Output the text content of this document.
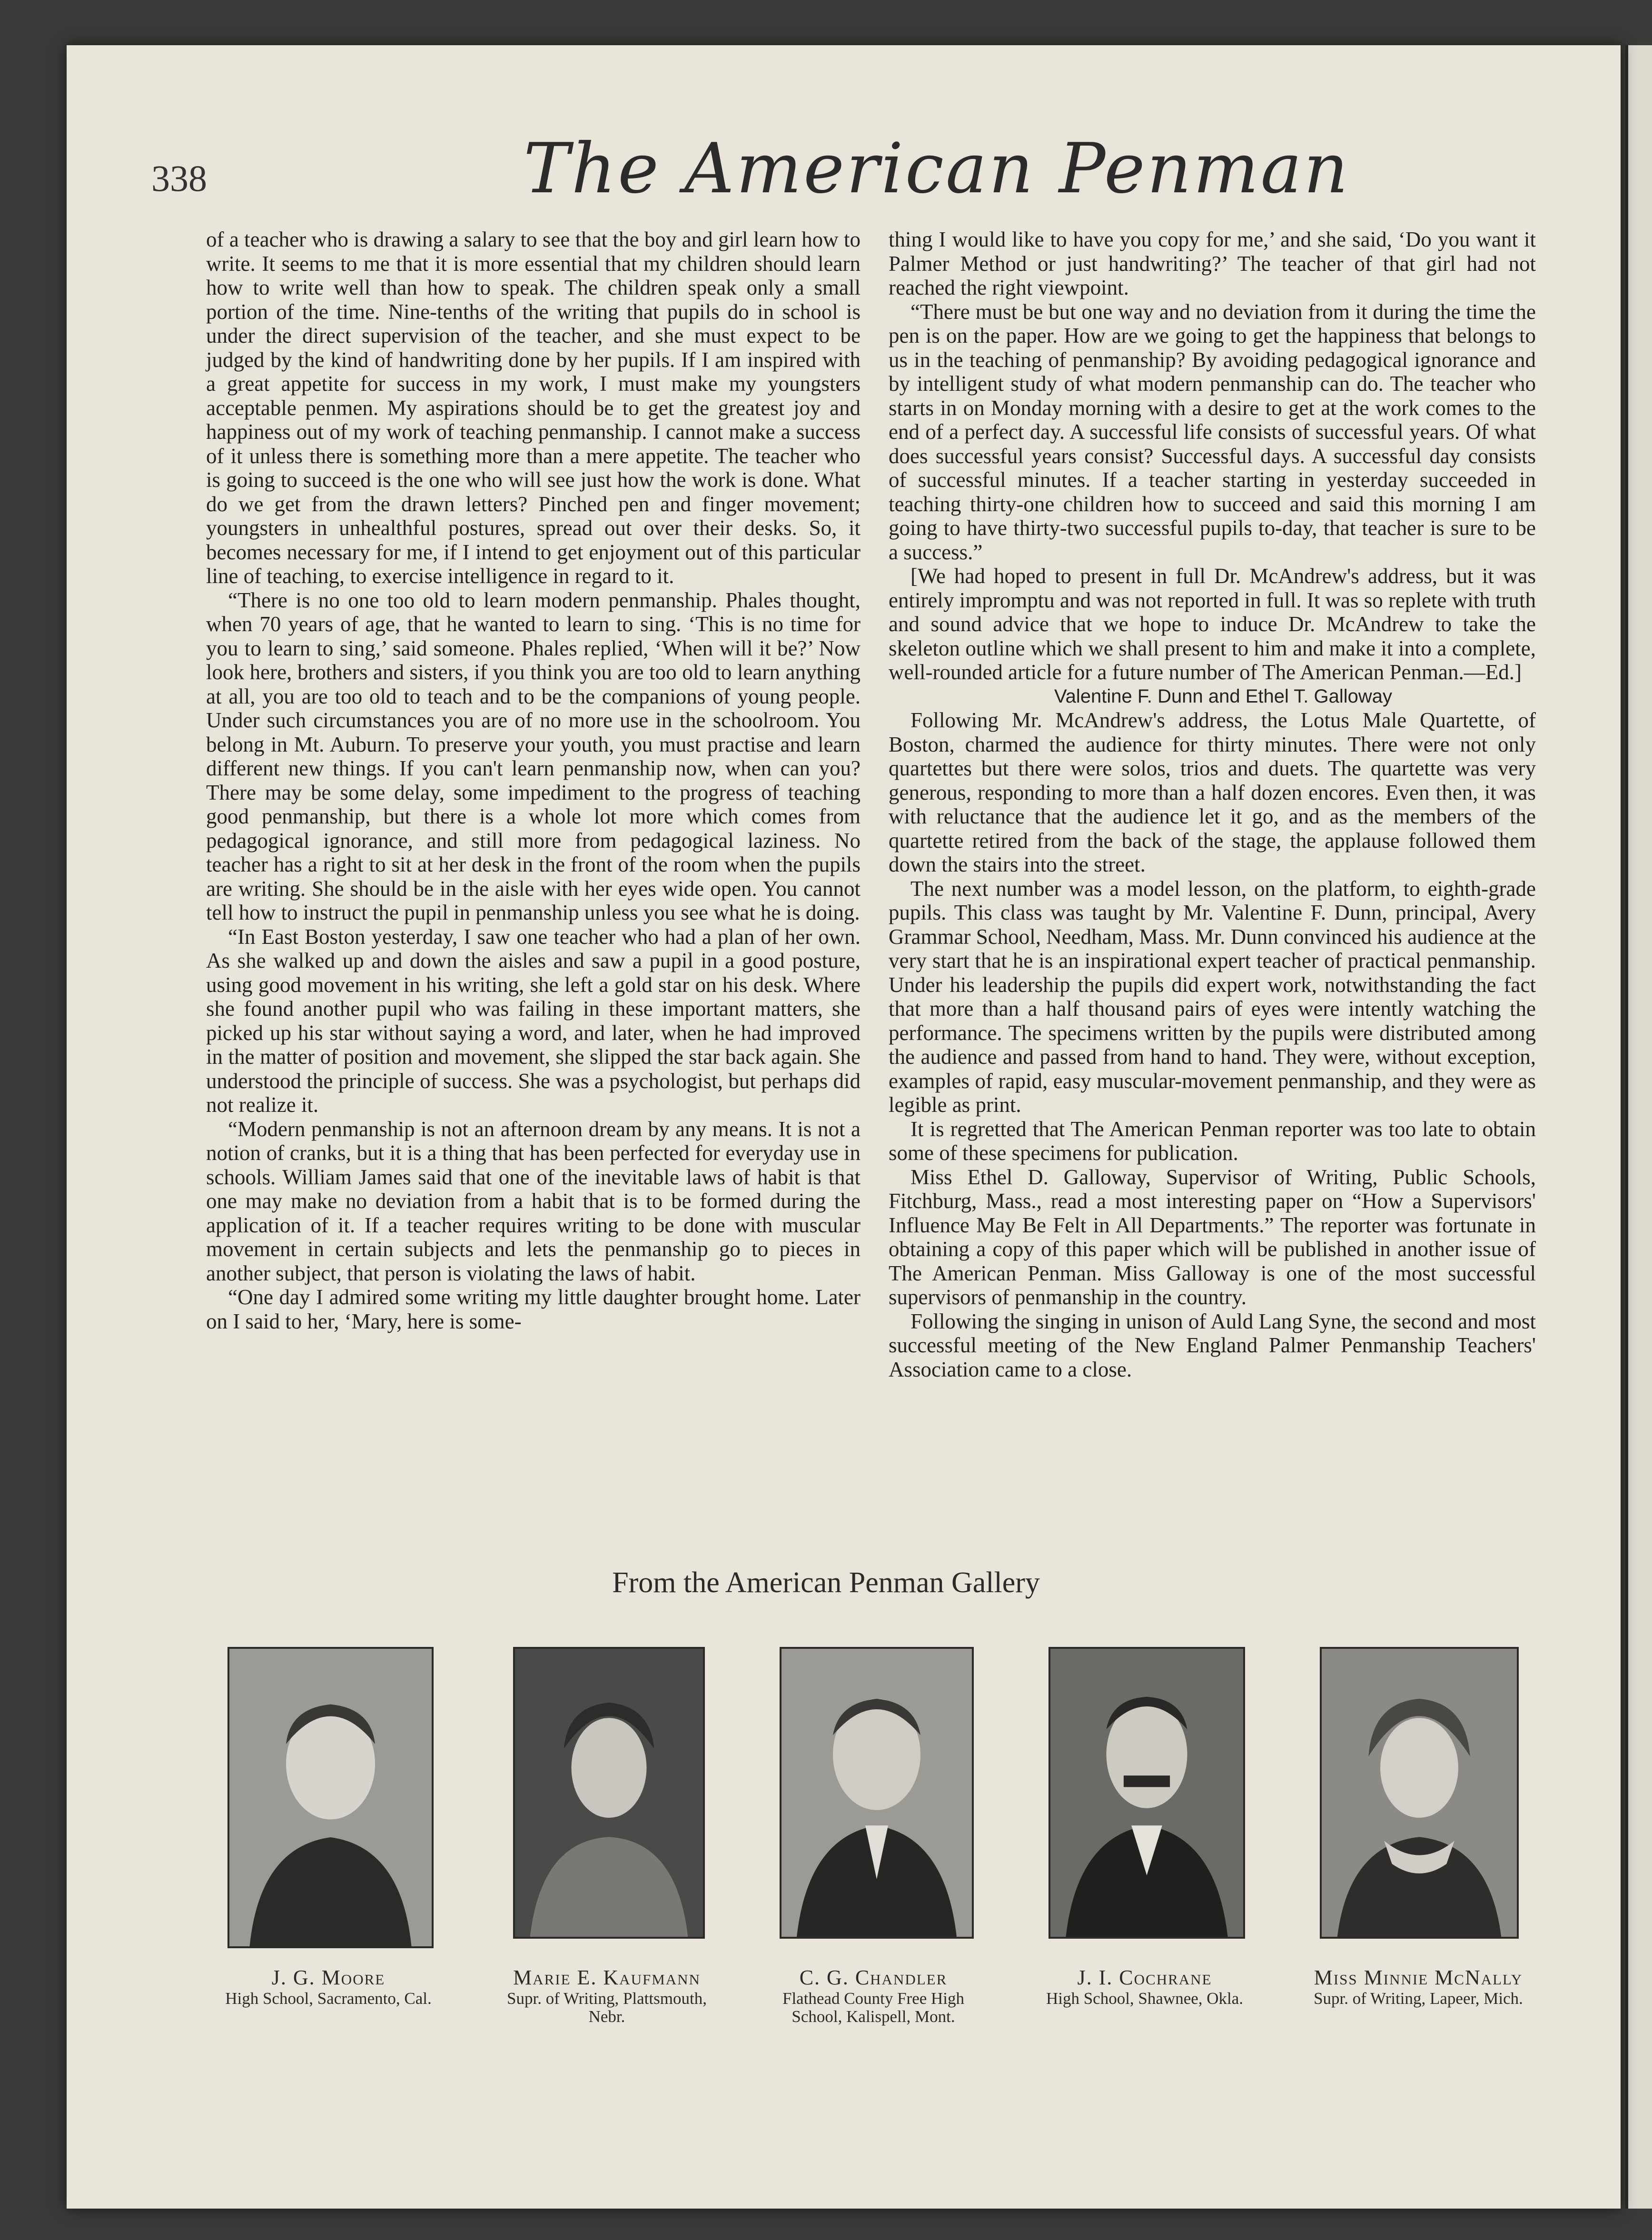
338	The American Penman

of a teacher who is drawing a salary to see that the boy and girl learn how to write. It seems to me that it is more essential that my children should learn how to write well than how to speak. The children speak only a small portion of the time. Nine-tenths of the writing that pupils do in school is under the direct supervision of the teacher, and she must expect to be judged by the kind of handwriting done by her pupils. If I am inspired with a great appetite for success in my work, I must make my youngsters acceptable penmen. My aspirations should be to get the greatest joy and happiness out of my work of teaching penmanship. I cannot make a success of it unless there is something more than a mere appetite. The teacher who is going to succeed is the one who will see just how the work is done. What do we get from the drawn letters? Pinched pen and finger movement; youngsters in unhealthful postures, spread out over their desks. So, it becomes necessary for me, if I intend to get enjoyment out of this particular line of teaching, to exercise intelligence in regard to it.

“There is no one too old to learn modern penmanship. Phales thought, when 70 years of age, that he wanted to learn to sing. ‘This is no time for you to learn to sing,’ said someone. Phales replied, ‘When will it be?’ Now look here, brothers and sisters, if you think you are too old to learn anything at all, you are too old to teach and to be the companions of young people. Under such circumstances you are of no more use in the schoolroom. You belong in Mt. Auburn. To preserve your youth, you must practise and learn different new things. If you can't learn penmanship now, when can you? There may be some delay, some impediment to the progress of teaching good penmanship, but there is a whole lot more which comes from pedagogical ignorance, and still more from pedagogical laziness. No teacher has a right to sit at her desk in the front of the room when the pupils are writing. She should be in the aisle with her eyes wide open. You cannot tell how to instruct the pupil in penmanship unless you see what he is doing.

“In East Boston yesterday, I saw one teacher who had a plan of her own. As she walked up and down the aisles and saw a pupil in a good posture, using good movement in his writing, she left a gold star on his desk. Where she found another pupil who was failing in these important matters, she picked up his star without saying a word, and later, when he had improved in the matter of position and movement, she slipped the star back again. She understood the principle of success. She was a psychologist, but perhaps did not realize it.

“Modern penmanship is not an afternoon dream by any means. It is not a notion of cranks, but it is a thing that has been perfected for everyday use in schools. William James said that one of the inevitable laws of habit is that one may make no deviation from a habit that is to be formed during the application of it. If a teacher requires writing to be done with muscular movement in certain subjects and lets the penmanship go to pieces in another subject, that person is violating the laws of habit.

“One day I admired some writing my little daughter brought home. Later on I said to her, ‘Mary, here is some-

thing I would like to have you copy for me,’ and she said, ‘Do you want it Palmer Method or just handwriting?’ The teacher of that girl had not reached the right viewpoint.

“There must be but one way and no deviation from it during the time the pen is on the paper. How are we going to get the happiness that belongs to us in the teaching of penmanship? By avoiding pedagogical ignorance and by intelligent study of what modern penmanship can do. The teacher who starts in on Monday morning with a desire to get at the work comes to the end of a perfect day. A successful life consists of successful years. Of what does successful years consist? Successful days. A successful day consists of successful minutes. If a teacher starting in yesterday succeeded in teaching thirty-one children how to succeed and said this morning I am going to have thirty-two successful pupils to-day, that teacher is sure to be a success.”

[We had hoped to present in full Dr. McAndrew's address, but it was entirely impromptu and was not reported in full. It was so replete with truth and sound advice that we hope to induce Dr. McAndrew to take the skeleton outline which we shall present to him and make it into a complete, well-rounded article for a future number of The American Penman.—Ed.]

Valentine F. Dunn and Ethel T. Galloway

Following Mr. McAndrew's address, the Lotus Male Quartette, of Boston, charmed the audience for thirty minutes. There were not only quartettes but there were solos, trios and duets. The quartette was very generous, responding to more than a half dozen encores. Even then, it was with reluctance that the audience let it go, and as the members of the quartette retired from the back of the stage, the applause followed them down the stairs into the street.

The next number was a model lesson, on the platform, to eighth-grade pupils. This class was taught by Mr. Valentine F. Dunn, principal, Avery Grammar School, Needham, Mass. Mr. Dunn convinced his audience at the very start that he is an inspirational expert teacher of practical penmanship. Under his leadership the pupils did expert work, notwithstanding the fact that more than a half thousand pairs of eyes were intently watching the performance. The specimens written by the pupils were distributed among the audience and passed from hand to hand. They were, without exception, examples of rapid, easy muscular-movement penmanship, and they were as legible as print.

It is regretted that The American Penman reporter was too late to obtain some of these specimens for publication.

Miss Ethel D. Galloway, Supervisor of Writing, Public Schools, Fitchburg, Mass., read a most interesting paper on “How a Supervisors' Influence May Be Felt in All Departments.” The reporter was fortunate in obtaining a copy of this paper which will be published in another issue of The American Penman. Miss Galloway is one of the most successful supervisors of penmanship in the country.

Following the singing in unison of Auld Lang Syne, the second and most successful meeting of the New England Palmer Penmanship Teachers' Association came to a close.

From the American Penman Gallery
J. G. Moore
High School, Sacramento, Cal.
Marie E. Kaufmann
Supr. of Writing, Plattsmouth, Nebr.
C. G. Chandler
Flathead County Free High School, Kalispell, Mont.
J. I. Cochrane
High School, Shawnee, Okla.
Miss Minnie McNally
Supr. of Writing, Lapeer, Mich.
